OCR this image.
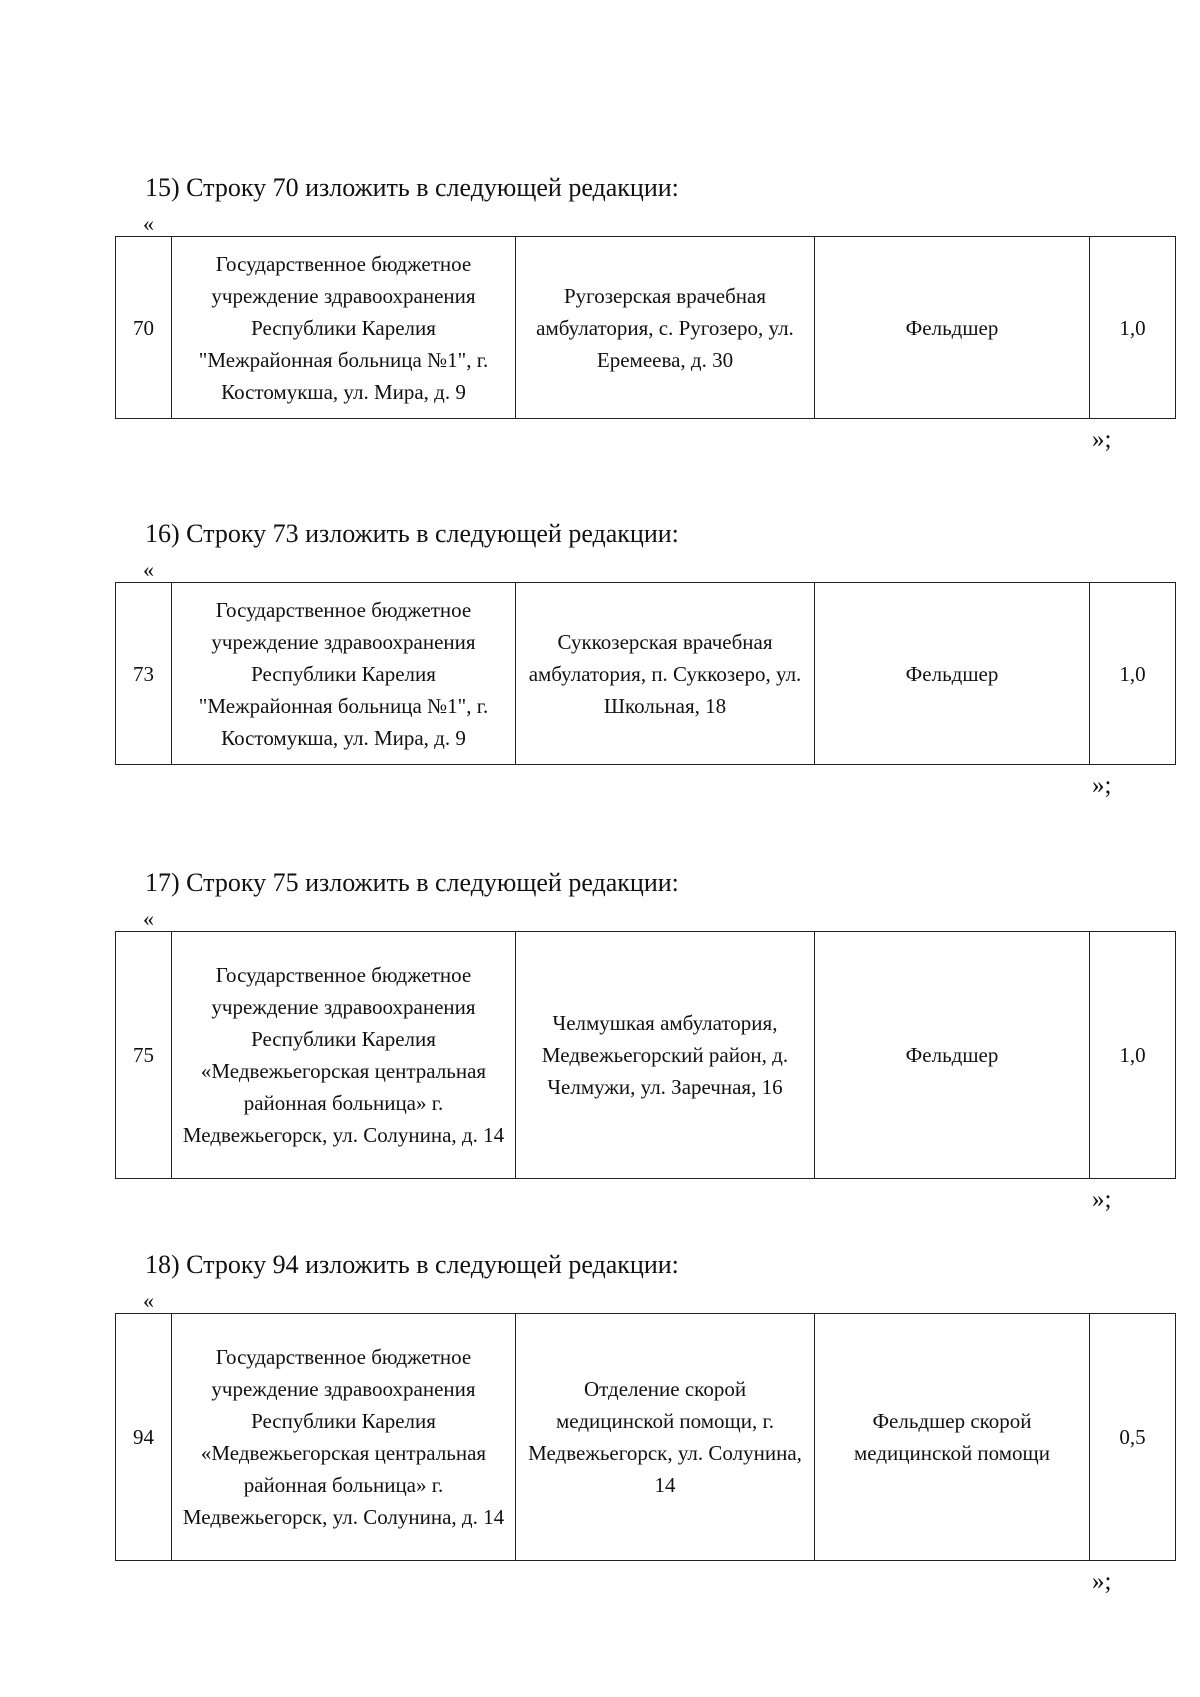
15) Строку 70 изложить в следующей редакции:
«
70	Государственное бюджетное учреждение здравоохранения Республики Карелия "Межрайонная больница №1", г. Костомукша, ул. Мира, д. 9	Ругозерская врачебная амбулатория, с. Ругозеро, ул. Еремеева, д. 30	Фельдшер	1,0
»;
16) Строку 73 изложить в следующей редакции:
«
73	Государственное бюджетное учреждение здравоохранения Республики Карелия "Межрайонная больница №1", г. Костомукша, ул. Мира, д. 9	Суккозерская врачебная амбулатория, п. Суккозеро, ул. Школьная, 18	Фельдшер	1,0
»;
17) Строку 75 изложить в следующей редакции:
«
75	Государственное бюджетное учреждение здравоохранения Республики Карелия «Медвежьегорская центральная районная больница» г. Медвежьегорск, ул. Солунина, д. 14	Челмушкая амбулатория, Медвежьегорский район, д. Челмужи, ул. Заречная, 16	Фельдшер	1,0
»;
18) Строку 94 изложить в следующей редакции:
«
94	Государственное бюджетное учреждение здравоохранения Республики Карелия «Медвежьегорская центральная районная больница» г. Медвежьегорск, ул. Солунина, д. 14	Отделение скорой медицинской помощи, г. Медвежьегорск, ул. Солунина, 14	Фельдшер скорой медицинской помощи	0,5
»;
